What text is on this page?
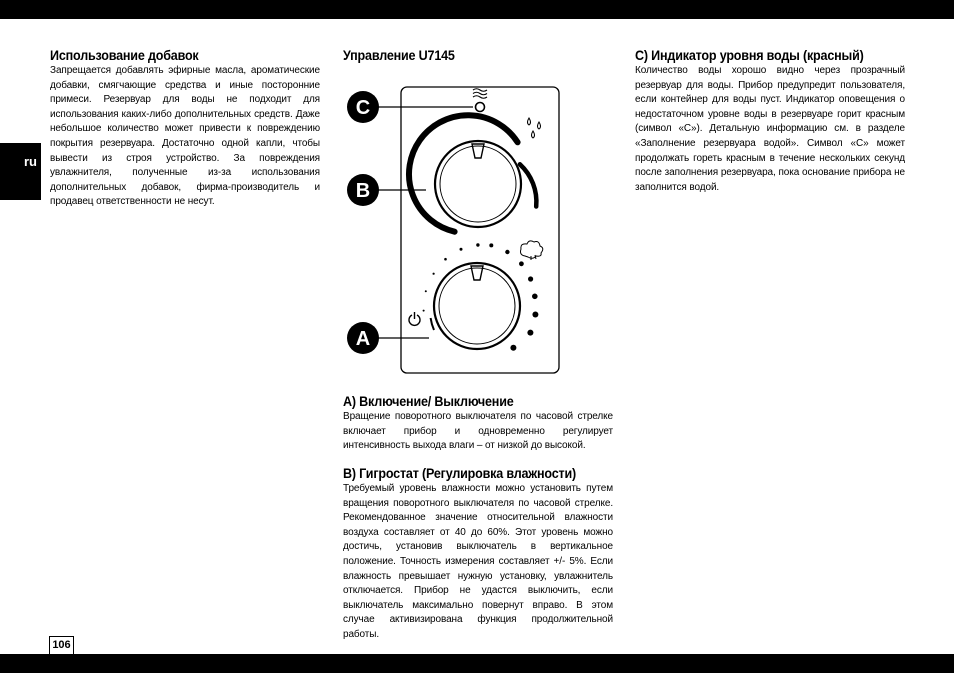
ru
Использование добавок

Запрещается добавлять эфирные масла, ароматические добавки, смягчающие средства и иные посторонние примеси. Резервуар для воды не подходит для использования каких-либо дополнительных средств. Даже небольшое количество может привести к повреждению покрытия резервуара. Достаточно одной капли, чтобы вывести из строя устройство. За повреждения увлажнителя, полученные из-за использования дополнительных добавок, фирма-производитель и продавец ответственности не несут.

Управление U7145
C
B
A
A) Включение/ Выключение

Вращение поворотного выключателя по часовой стрелке включает прибор и одновременно регулирует интенсивность выхода влаги – от низкой до высокой.

B) Гигростат (Регулировка влажности)

Требуемый уровень влажности можно установить путем вращения поворотного выключателя по часовой стрелке. Рекомендованное значение относительной влажности воздуха составляет от 40 до 60%. Этот уровень можно достичь, установив выключатель в вертикальное положение. Точность измерения составляет +/- 5%. Если влажность превышает нужную установку, увлажнитель отключается. Прибор не удастся выключить, если выключатель максимально повернут вправо. В этом случае активизирована функция продолжительной работы.

C) Индикатор уровня воды (красный)

Количество воды хорошо видно через прозрачный резервуар для воды. Прибор предупредит пользователя, если контейнер для воды пуст. Индикатор оповещения о недостаточном уровне воды в резервуаре горит красным (символ «C»). Детальную информацию см. в разделе «Заполнение резервуара водой». Символ «C» может продолжать гореть красным в течение нескольких секунд после заполнения резервуара, пока основание прибора не заполнится водой.

106
